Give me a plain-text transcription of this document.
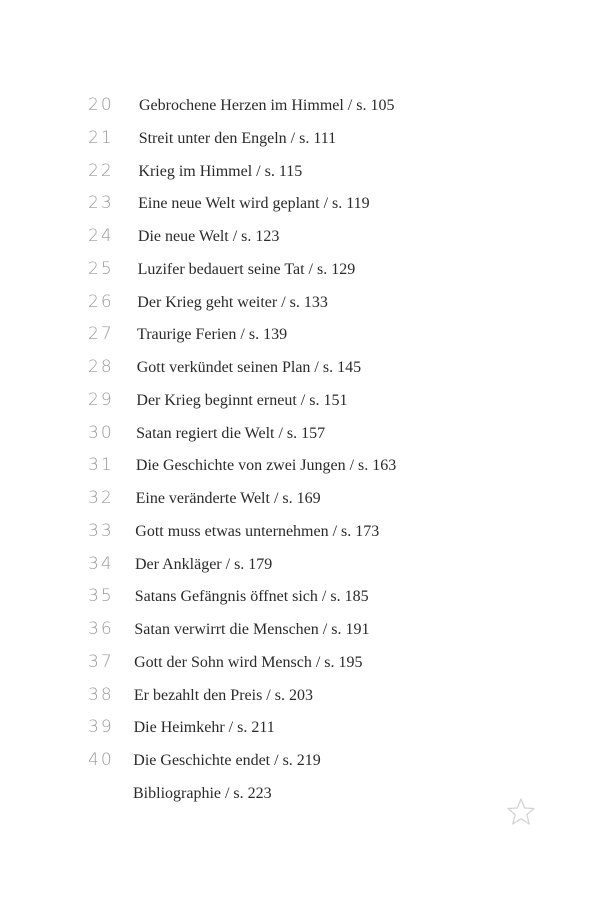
20	Gebrochene Herzen im Himmel / s. 105
21	Streit unter den Engeln / s. 111
22	Krieg im Himmel / s. 115
23	Eine neue Welt wird geplant / s. 119
24	Die neue Welt / s. 123
25	Luzifer bedauert seine Tat / s. 129
26	Der Krieg geht weiter / s. 133
27	Traurige Ferien / s. 139
28	Gott verkündet seinen Plan / s. 145
29	Der Krieg beginnt erneut / s. 151
30	Satan regiert die Welt / s. 157
31	Die Geschichte von zwei Jungen / s. 163
32	Eine veränderte Welt / s. 169
33	Gott muss etwas unternehmen / s. 173
34	Der Ankläger / s. 179
35	Satans Gefängnis öffnet sich / s. 185
36	Satan verwirrt die Menschen / s. 191
37	Gott der Sohn wird Mensch / s. 195
38	Er bezahlt den Preis / s. 203
39	Die Heimkehr / s. 211
40	Die Geschichte endet / s. 219
Bibliographie / s. 223
